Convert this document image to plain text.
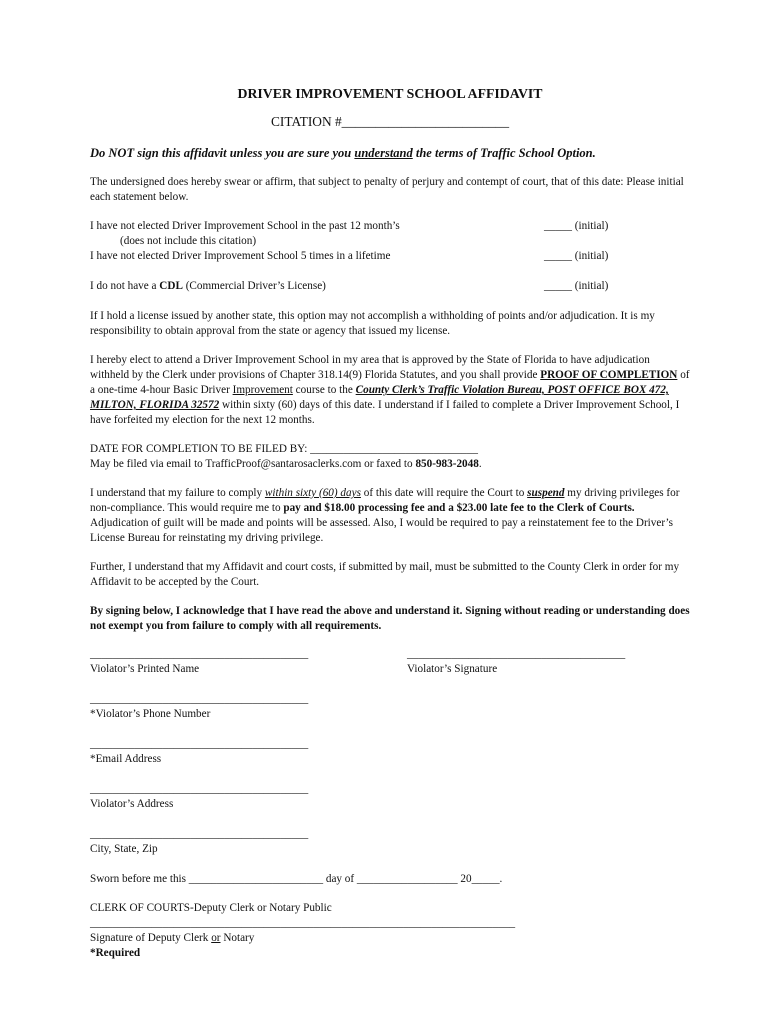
DRIVER IMPROVEMENT SCHOOL AFFIDAVIT
CITATION #_________________________
Do NOT sign this affidavit unless you are sure you understand the terms of Traffic School Option.

The undersigned does hereby swear or affirm, that subject to penalty of perjury and contempt of court, that of this date: Please initial each statement below.

I have not elected Driver Improvement School in the past 12 month’s	_____ (initial)
(does not include this citation)
I have not elected Driver Improvement School 5 times in a lifetime	_____ (initial)
I do not have a CDL (Commercial Driver’s License)	_____ (initial)

If I hold a license issued by another state, this option may not accomplish a withholding of points and/or adjudication. It is my responsibility to obtain approval from the state or agency that issued my license.

I hereby elect to attend a Driver Improvement School in my area that is approved by the State of Florida to have adjudication withheld by the Clerk under provisions of Chapter 318.14(9) Florida Statutes, and you shall provide PROOF OF COMPLETION of a one-time 4-hour Basic Driver Improvement course to the County Clerk’s Traffic Violation Bureau, POST OFFICE BOX 472, MILTON, FLORIDA 32572 within sixty (60) days of this date. I understand if I failed to complete a Driver Improvement School, I have forfeited my election for the next 12 months.

DATE FOR COMPLETION TO BE FILED BY: ______________________________
May be filed via email to TrafficProof@santarosaclerks.com or faxed to 850-983-2048.

I understand that my failure to comply within sixty (60) days of this date will require the Court to suspend my driving privileges for non-compliance. This would require me to pay and $18.00 processing fee and a $23.00 late fee to the Clerk of Courts. Adjudication of guilt will be made and points will be assessed. Also, I would be required to pay a reinstatement fee to the Driver’s License Bureau for reinstating my driving privilege.

Further, I understand that my Affidavit and court costs, if submitted by mail, must be submitted to the County Clerk in order for my Affidavit to be accepted by the Court.

By signing below, I acknowledge that I have read the above and understand it. Signing without reading or understanding does not exempt you from failure to comply with all requirements.

_______________________________________
Violator’s Printed Name
_______________________________________
Violator’s Signature
_______________________________________
*Violator’s Phone Number
_______________________________________
*Email Address
_______________________________________
Violator’s Address
_______________________________________
City, State, Zip

Sworn before me this ________________________ day of __________________ 20_____.

CLERK OF COURTS-Deputy Clerk or Notary Public
____________________________________________________________________________
Signature of Deputy Clerk or Notary
*Required
